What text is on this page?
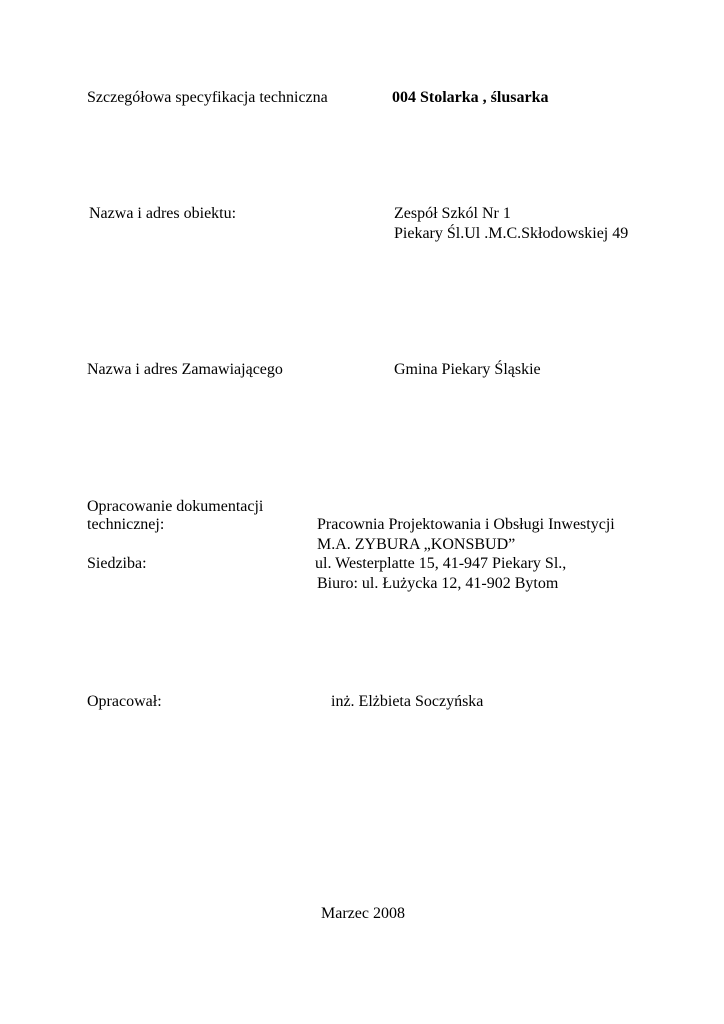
Szczegółowa specyfikacja techniczna	004 Stolarka , ślusarka
Nazwa i adres obiektu:	Zespół Szkól Nr 1
Piekary Śl.Ul .M.C.Skłodowskiej 49
Nazwa i adres Zamawiającego	Gmina Piekary Śląskie
Opracowanie dokumentacji
technicznej:	Pracownia Projektowania i Obsługi Inwestycji
M.A. ZYBURA „KONSBUD”
Siedziba:	ul. Westerplatte 15, 41-947 Piekary Sl.,
Biuro: ul. Łużycka 12, 41-902 Bytom
Opracował:	inż. Elżbieta Soczyńska
Marzec 2008
